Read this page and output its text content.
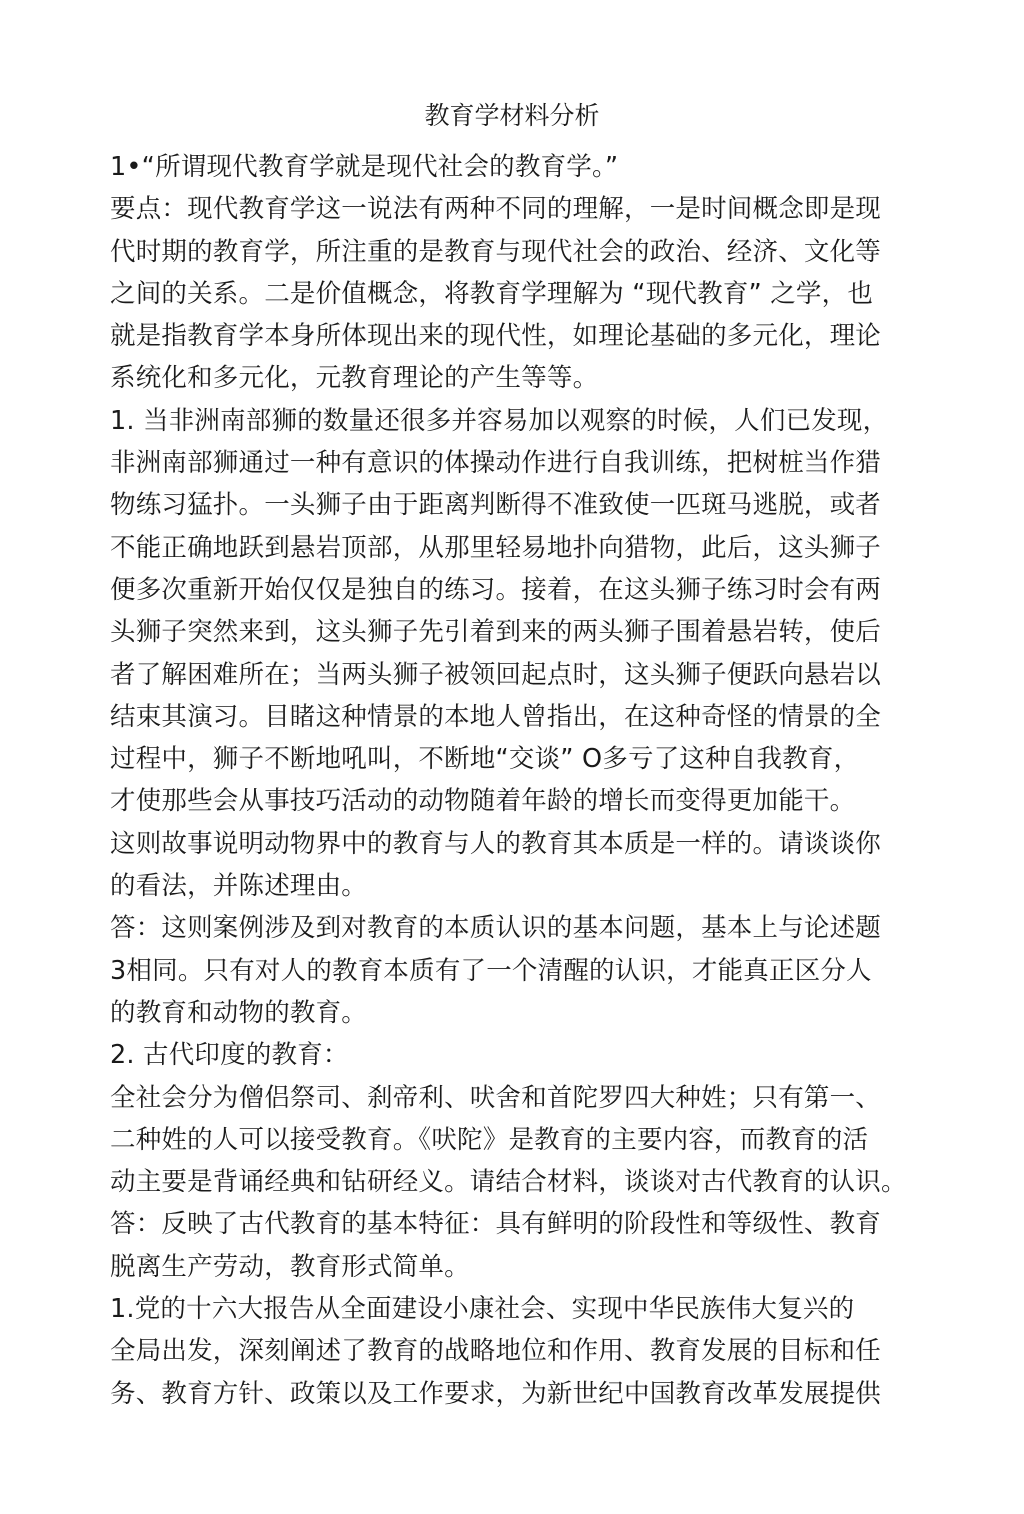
教育学材料分析
1•“所谓现代教育学就是现代社会的教育学。”
要点：现代教育学这一说法有两种不同的理解，一是时间概念即是现
代时期的教育学，所注重的是教育与现代社会的政治、经济、文化等
之间的关系。二是价值概念，将教育学理解为 “现代教育” 之学，也
就是指教育学本身所体现出来的现代性，如理论基础的多元化，理论
系统化和多元化，元教育理论的产生等等。
1. 当非洲南部狮的数量还很多并容易加以观察的时候，人们已发现，
非洲南部狮通过一种有意识的体操动作进行自我训练，把树桩当作猎
物练习猛扑。一头狮子由于距离判断得不准致使一匹斑马逃脱，或者
不能正确地跃到悬岩顶部，从那里轻易地扑向猎物，此后，这头狮子
便多次重新开始仅仅是独自的练习。接着，在这头狮子练习时会有两
头狮子突然来到，这头狮子先引着到来的两头狮子围着悬岩转，使后
者了解困难所在；当两头狮子被领回起点时，这头狮子便跃向悬岩以
结束其演习。目睹这种情景的本地人曾指出，在这种奇怪的情景的全
过程中，狮子不断地吼叫，不断地“交谈” O多亏了这种自我教育，
才使那些会从事技巧活动的动物随着年龄的增长而变得更加能干。
这则故事说明动物界中的教育与人的教育其本质是一样的。请谈谈你
的看法，并陈述理由。
答：这则案例涉及到对教育的本质认识的基本问题，基本上与论述题
3相同。只有对人的教育本质有了一个清醒的认识，才能真正区分人
的教育和动物的教育。
2. 古代印度的教育：
全社会分为僧侣祭司、刹帝利、吠舍和首陀罗四大种姓；只有第一、
二种姓的人可以接受教育。《吠陀》是教育的主要内容，而教育的活
动主要是背诵经典和钻研经义。请结合材料，谈谈对古代教育的认识。
答：反映了古代教育的基本特征：具有鲜明的阶段性和等级性、教育
脱离生产劳动，教育形式简单。
1.党的十六大报告从全面建设小康社会、实现中华民族伟大复兴的
全局出发，深刻阐述了教育的战略地位和作用、教育发展的目标和任
务、教育方针、政策以及工作要求，为新世纪中国教育改革发展提供
